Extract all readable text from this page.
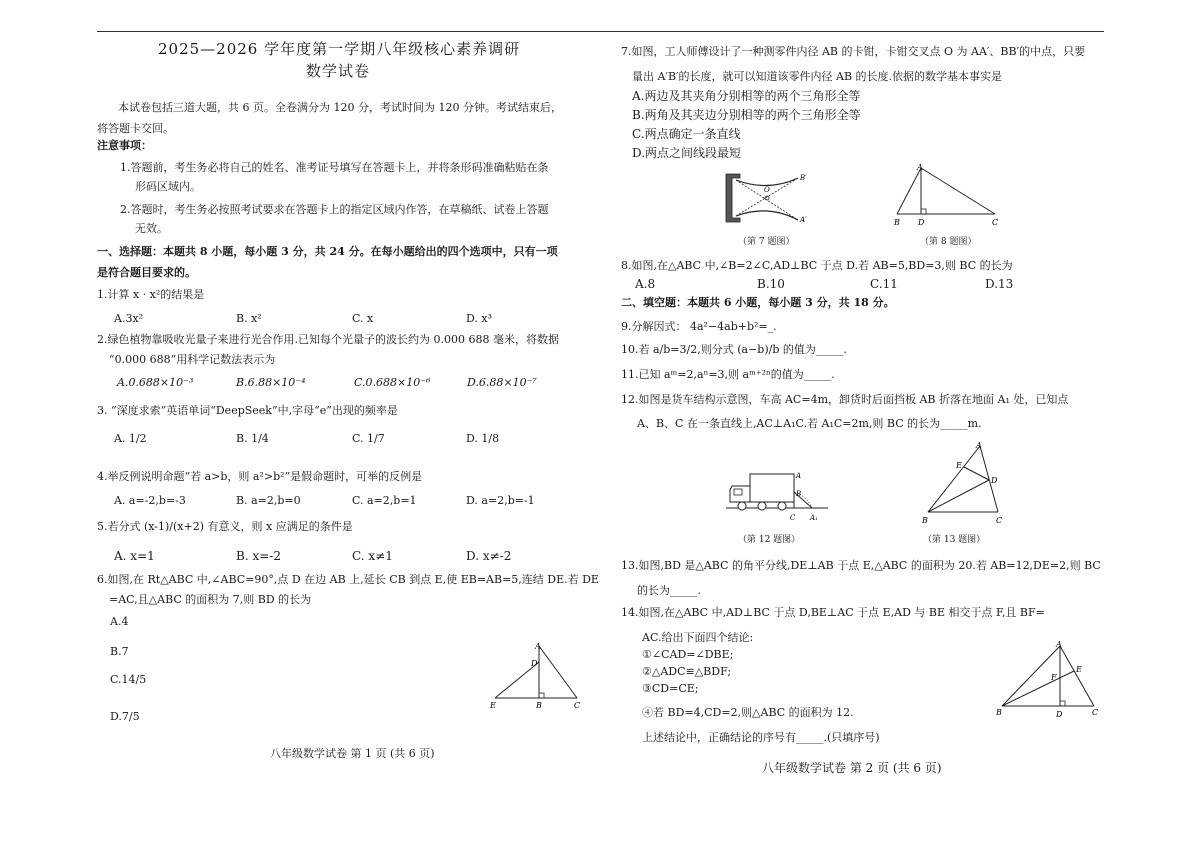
2025—2026 学年度第一学期八年级核心素养调研
数学试卷
本试卷包括三道大题，共 6 页。全卷满分为 120 分，考试时间为 120 分钟。考试结束后，
将答题卡交回。
注意事项：
1.答题前，考生务必将自己的姓名、准考证号填写在答题卡上，并将条形码准确粘贴在条
形码区域内。
2.答题时，考生务必按照考试要求在答题卡上的指定区域内作答，在草稿纸、试卷上答题
无效。
一、选择题：本题共 8 小题，每小题 3 分，共 24 分。在每小题给出的四个选项中，只有一项
是符合题目要求的。
1.计算 x · x²的结果是
A.3x²	B. x²	C. x	D. x³
2.绿色植物靠吸收光量子来进行光合作用.已知每个光量子的波长约为 0.000 688 毫米，将数据
“0.000 688”用科学记数法表示为
A.0.688×10⁻³	B.6.88×10⁻⁴	C.0.688×10⁻⁶	D.6.88×10⁻⁷
3. “深度求索”英语单词“DeepSeek”中,字母“e”出现的频率是
A. 1/2	B. 1/4	C. 1/7	D. 1/8
4.举反例说明命题“若 a>b，则 a²>b²”是假命题时，可举的反例是
A. a=-2,b=-3	B. a=2,b=0	C. a=2,b=1	D. a=2,b=-1
5.若分式 (x-1)/(x+2) 有意义，则 x 应满足的条件是
A. x=1	B. x=-2	C. x≠1	D. x≠-2
6.如图,在 Rt△ABC 中,∠ABC=90°,点 D 在边 AB 上,延长 CB 到点 E,使 EB=AB=5,连结 DE.若 DE
=AC,且△ABC 的面积为 7,则 BD 的长为
A.4
B.7
C.14/5
D.7/5
A
D
E	B	C
八年级数学试卷 第 1 页 (共 6 页)
7.如图，工人师傅设计了一种测零件内径 AB 的卡钳，卡钳交叉点 O 为 AA′、BB′的中点，只要
量出 A′B′的长度，就可以知道该零件内径 AB 的长度.依据的数学基本事实是
A.两边及其夹角分别相等的两个三角形全等
B.两角及其夹边分别相等的两个三角形全等
C.两点确定一条直线
D.两点之间线段最短
O
B′
A′
（第 7 题图）
A
B D	C
（第 8 题图）
8.如图,在△ABC 中,∠B=2∠C,AD⊥BC 于点 D.若 AB=5,BD=3,则 BC 的长为
A.8	B.10	C.11	D.13
二、填空题：本题共 6 小题，每小题 3 分，共 18 分。
9.分解因式： 4a²−4ab+b²=_.
10.若 a/b=3/2,则分式 (a−b)/b 的值为_____.
11.已知 aᵐ=2,aⁿ=3,则 aᵐ⁺²ⁿ的值为_____.
12.如图是货车结构示意图，车高 AC=4m，卸货时后面挡板 AB 折落在地面 A₁ 处，已知点
A、B、C 在一条直线上,AC⊥A₁C.若 A₁C=2m,则 BC 的长为_____m.
A
B
C A₁
（第 12 题图）
A
E
D
B	C
（第 13 题图）
13.如图,BD 是△ABC 的角平分线,DE⊥AB 于点 E,△ABC 的面积为 20.若 AB=12,DE=2,则 BC
的长为_____.
14.如图,在△ABC 中,AD⊥BC 于点 D,BE⊥AC 于点 E,AD 与 BE 相交于点 F,且 BF=
AC.给出下面四个结论:
①∠CAD=∠DBE;
②△ADC≌△BDF;
③CD=CE;
④若 BD=4,CD=2,则△ABC 的面积为 12.
上述结论中，正确结论的序号有_____.(只填序号)
A
E
F
B	D	C
八年级数学试卷 第 2 页 (共 6 页)
